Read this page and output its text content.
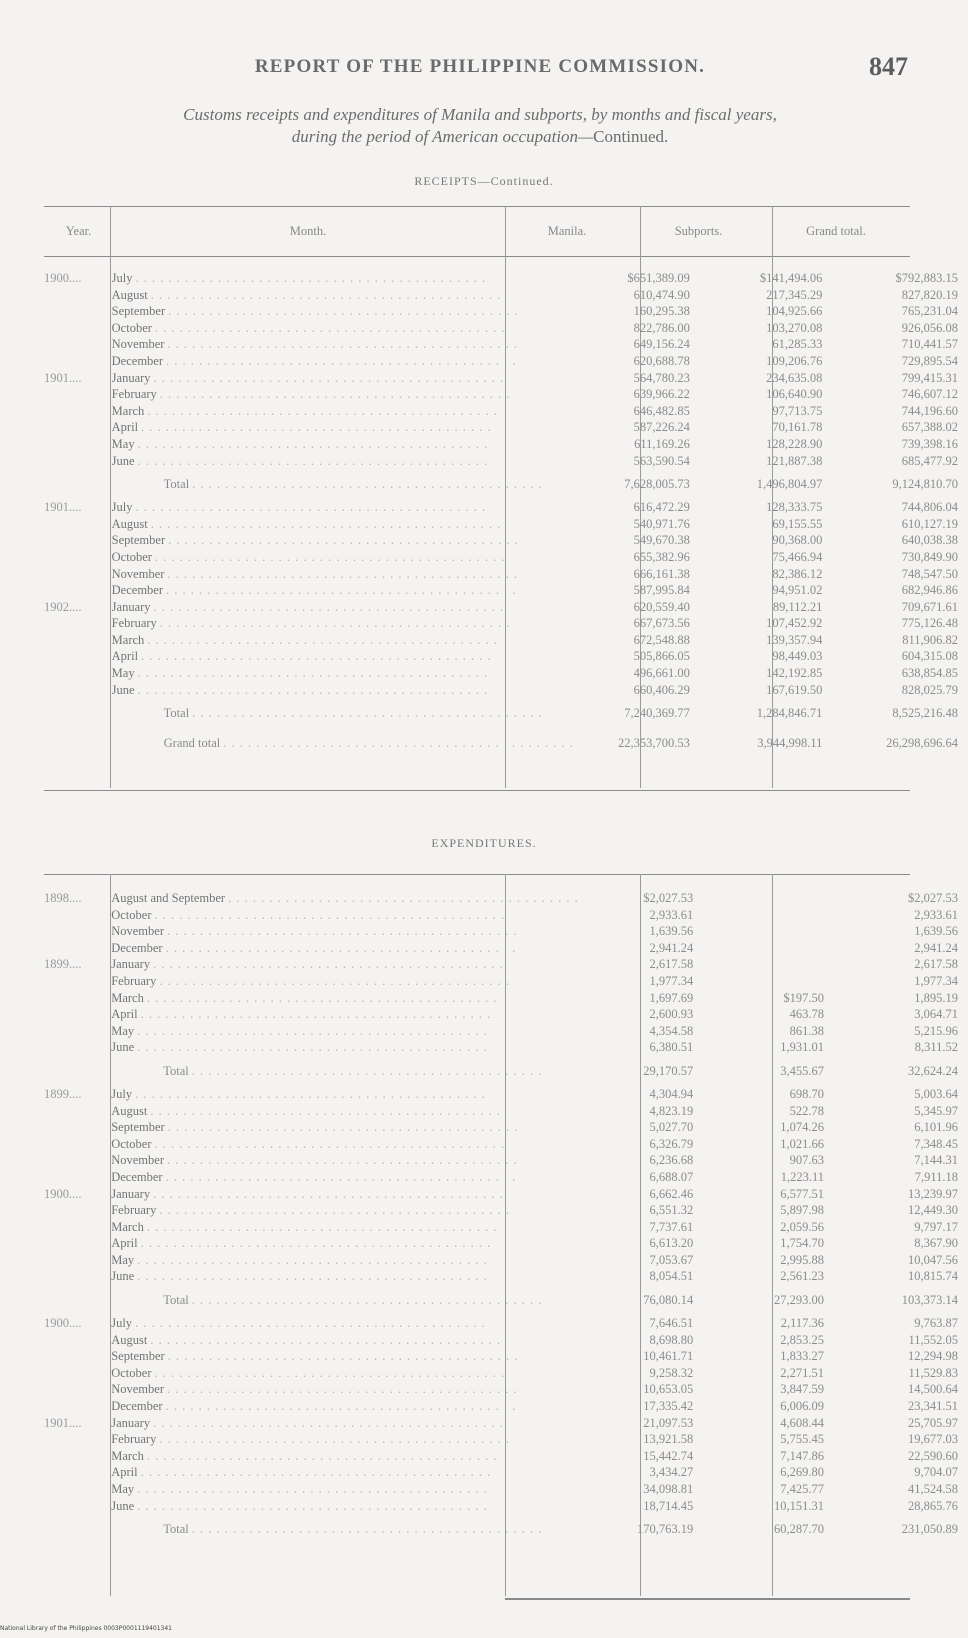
REPORT OF THE PHILIPPINE COMMISSION.	847
Customs receipts and expenditures of Manila and subports, by months and fiscal years,
during the period of American occupation—Continued.
RECEIPTS—Continued.
Year.	Month.	Manila.	Subports.	Grand total.
1900....	July . . . . . . . . . . . . . . . . . . . . . . . . . . . . . . . . . . . . . . . . . . .	$651,389.09	$141,494.06	$792,883.15
	August . . . . . . . . . . . . . . . . . . . . . . . . . . . . . . . . . . . . . . . . . . .	610,474.90	217,345.29	827,820.19
	September . . . . . . . . . . . . . . . . . . . . . . . . . . . . . . . . . . . . . . . . . . .	160,295.38	104,925.66	765,231.04
	October . . . . . . . . . . . . . . . . . . . . . . . . . . . . . . . . . . . . . . . . . . .	822,786.00	103,270.08	926,056.08
	November . . . . . . . . . . . . . . . . . . . . . . . . . . . . . . . . . . . . . . . . . . .	649,156.24	61,285.33	710,441.57
	December . . . . . . . . . . . . . . . . . . . . . . . . . . . . . . . . . . . . . . . . . . .	620,688.78	109,206.76	729,895.54
1901....	January . . . . . . . . . . . . . . . . . . . . . . . . . . . . . . . . . . . . . . . . . . .	564,780.23	234,635.08	799,415.31
	February . . . . . . . . . . . . . . . . . . . . . . . . . . . . . . . . . . . . . . . . . . .	639,966.22	106,640.90	746,607.12
	March . . . . . . . . . . . . . . . . . . . . . . . . . . . . . . . . . . . . . . . . . . .	646,482.85	97,713.75	744,196.60
	April . . . . . . . . . . . . . . . . . . . . . . . . . . . . . . . . . . . . . . . . . . .	587,226.24	70,161.78	657,388.02
	May . . . . . . . . . . . . . . . . . . . . . . . . . . . . . . . . . . . . . . . . . . .	611,169.26	128,228.90	739,398.16
	June . . . . . . . . . . . . . . . . . . . . . . . . . . . . . . . . . . . . . . . . . . .	563,590.54	121,887.38	685,477.92
	Total . . . . . . . . . . . . . . . . . . . . . . . . . . . . . . . . . . . . . . . . . . .	7,628,005.73	1,496,804.97	9,124,810.70
1901....	July . . . . . . . . . . . . . . . . . . . . . . . . . . . . . . . . . . . . . . . . . . .	616,472.29	128,333.75	744,806.04
	August . . . . . . . . . . . . . . . . . . . . . . . . . . . . . . . . . . . . . . . . . . .	540,971.76	69,155.55	610,127.19
	September . . . . . . . . . . . . . . . . . . . . . . . . . . . . . . . . . . . . . . . . . . .	549,670.38	90,368.00	640,038.38
	October . . . . . . . . . . . . . . . . . . . . . . . . . . . . . . . . . . . . . . . . . . .	655,382.96	75,466.94	730,849.90
	November . . . . . . . . . . . . . . . . . . . . . . . . . . . . . . . . . . . . . . . . . . .	666,161.38	82,386.12	748,547.50
	December . . . . . . . . . . . . . . . . . . . . . . . . . . . . . . . . . . . . . . . . . . .	587,995.84	94,951.02	682,946.86
1902....	January . . . . . . . . . . . . . . . . . . . . . . . . . . . . . . . . . . . . . . . . . . .	620,559.40	89,112.21	709,671.61
	February . . . . . . . . . . . . . . . . . . . . . . . . . . . . . . . . . . . . . . . . . . .	667,673.56	107,452.92	775,126.48
	March . . . . . . . . . . . . . . . . . . . . . . . . . . . . . . . . . . . . . . . . . . .	672,548.88	139,357.94	811,906.82
	April . . . . . . . . . . . . . . . . . . . . . . . . . . . . . . . . . . . . . . . . . . .	505,866.05	98,449.03	604,315.08
	May . . . . . . . . . . . . . . . . . . . . . . . . . . . . . . . . . . . . . . . . . . .	496,661.00	142,192.85	638,854.85
	June . . . . . . . . . . . . . . . . . . . . . . . . . . . . . . . . . . . . . . . . . . .	660,406.29	167,619.50	828,025.79
	Total . . . . . . . . . . . . . . . . . . . . . . . . . . . . . . . . . . . . . . . . . . .	7,240,369.77	1,284,846.71	8,525,216.48
	Grand total . . . . . . . . . . . . . . . . . . . . . . . . . . . . . . . . . . . . . . . . . . .	22,353,700.53	3,944,998.11	26,298,696.64
EXPENDITURES.
1898....	August and September . . . . . . . . . . . . . . . . . . . . . . . . . . . . . . . . . . . . . . . . . . .	$2,027.53		$2,027.53
	October . . . . . . . . . . . . . . . . . . . . . . . . . . . . . . . . . . . . . . . . . . .	2,933.61		2,933.61
	November . . . . . . . . . . . . . . . . . . . . . . . . . . . . . . . . . . . . . . . . . . .	1,639.56		1,639.56
	December . . . . . . . . . . . . . . . . . . . . . . . . . . . . . . . . . . . . . . . . . . .	2,941.24		2,941.24
1899....	January . . . . . . . . . . . . . . . . . . . . . . . . . . . . . . . . . . . . . . . . . . .	2,617.58		2,617.58
	February . . . . . . . . . . . . . . . . . . . . . . . . . . . . . . . . . . . . . . . . . . .	1,977.34		1,977.34
	March . . . . . . . . . . . . . . . . . . . . . . . . . . . . . . . . . . . . . . . . . . .	1,697.69	$197.50	1,895.19
	April . . . . . . . . . . . . . . . . . . . . . . . . . . . . . . . . . . . . . . . . . . .	2,600.93	463.78	3,064.71
	May . . . . . . . . . . . . . . . . . . . . . . . . . . . . . . . . . . . . . . . . . . .	4,354.58	861.38	5,215.96
	June . . . . . . . . . . . . . . . . . . . . . . . . . . . . . . . . . . . . . . . . . . .	6,380.51	1,931.01	8,311.52
	Total . . . . . . . . . . . . . . . . . . . . . . . . . . . . . . . . . . . . . . . . . . .	29,170.57	3,455.67	32,624.24
1899....	July . . . . . . . . . . . . . . . . . . . . . . . . . . . . . . . . . . . . . . . . . . .	4,304.94	698.70	5,003.64
	August . . . . . . . . . . . . . . . . . . . . . . . . . . . . . . . . . . . . . . . . . . .	4,823.19	522.78	5,345.97
	September . . . . . . . . . . . . . . . . . . . . . . . . . . . . . . . . . . . . . . . . . . .	5,027.70	1,074.26	6,101.96
	October . . . . . . . . . . . . . . . . . . . . . . . . . . . . . . . . . . . . . . . . . . .	6,326.79	1,021.66	7,348.45
	November . . . . . . . . . . . . . . . . . . . . . . . . . . . . . . . . . . . . . . . . . . .	6,236.68	907.63	7,144.31
	December . . . . . . . . . . . . . . . . . . . . . . . . . . . . . . . . . . . . . . . . . . .	6,688.07	1,223.11	7,911.18
1900....	January . . . . . . . . . . . . . . . . . . . . . . . . . . . . . . . . . . . . . . . . . . .	6,662.46	6,577.51	13,239.97
	February . . . . . . . . . . . . . . . . . . . . . . . . . . . . . . . . . . . . . . . . . . .	6,551.32	5,897.98	12,449.30
	March . . . . . . . . . . . . . . . . . . . . . . . . . . . . . . . . . . . . . . . . . . .	7,737.61	2,059.56	9,797.17
	April . . . . . . . . . . . . . . . . . . . . . . . . . . . . . . . . . . . . . . . . . . .	6,613.20	1,754.70	8,367.90
	May . . . . . . . . . . . . . . . . . . . . . . . . . . . . . . . . . . . . . . . . . . .	7,053.67	2,995.88	10,047.56
	June . . . . . . . . . . . . . . . . . . . . . . . . . . . . . . . . . . . . . . . . . . .	8,054.51	2,561.23	10,815.74
	Total . . . . . . . . . . . . . . . . . . . . . . . . . . . . . . . . . . . . . . . . . . .	76,080.14	27,293.00	103,373.14
1900....	July . . . . . . . . . . . . . . . . . . . . . . . . . . . . . . . . . . . . . . . . . . .	7,646.51	2,117.36	9,763.87
	August . . . . . . . . . . . . . . . . . . . . . . . . . . . . . . . . . . . . . . . . . . .	8,698.80	2,853.25	11,552.05
	September . . . . . . . . . . . . . . . . . . . . . . . . . . . . . . . . . . . . . . . . . . .	10,461.71	1,833.27	12,294.98
	October . . . . . . . . . . . . . . . . . . . . . . . . . . . . . . . . . . . . . . . . . . .	9,258.32	2,271.51	11,529.83
	November . . . . . . . . . . . . . . . . . . . . . . . . . . . . . . . . . . . . . . . . . . .	10,653.05	3,847.59	14,500.64
	December . . . . . . . . . . . . . . . . . . . . . . . . . . . . . . . . . . . . . . . . . . .	17,335.42	6,006.09	23,341.51
1901....	January . . . . . . . . . . . . . . . . . . . . . . . . . . . . . . . . . . . . . . . . . . .	21,097.53	4,608.44	25,705.97
	February . . . . . . . . . . . . . . . . . . . . . . . . . . . . . . . . . . . . . . . . . . .	13,921.58	5,755.45	19,677.03
	March . . . . . . . . . . . . . . . . . . . . . . . . . . . . . . . . . . . . . . . . . . .	15,442.74	7,147.86	22,590.60
	April . . . . . . . . . . . . . . . . . . . . . . . . . . . . . . . . . . . . . . . . . . .	3,434.27	6,269.80	9,704.07
	May . . . . . . . . . . . . . . . . . . . . . . . . . . . . . . . . . . . . . . . . . . .	34,098.81	7,425.77	41,524.58
	June . . . . . . . . . . . . . . . . . . . . . . . . . . . . . . . . . . . . . . . . . . .	18,714.45	10,151.31	28,865.76
	Total . . . . . . . . . . . . . . . . . . . . . . . . . . . . . . . . . . . . . . . . . . .	170,763.19	60,287.70	231,050.89
National Library of the Philippines 0003P0001119401341
